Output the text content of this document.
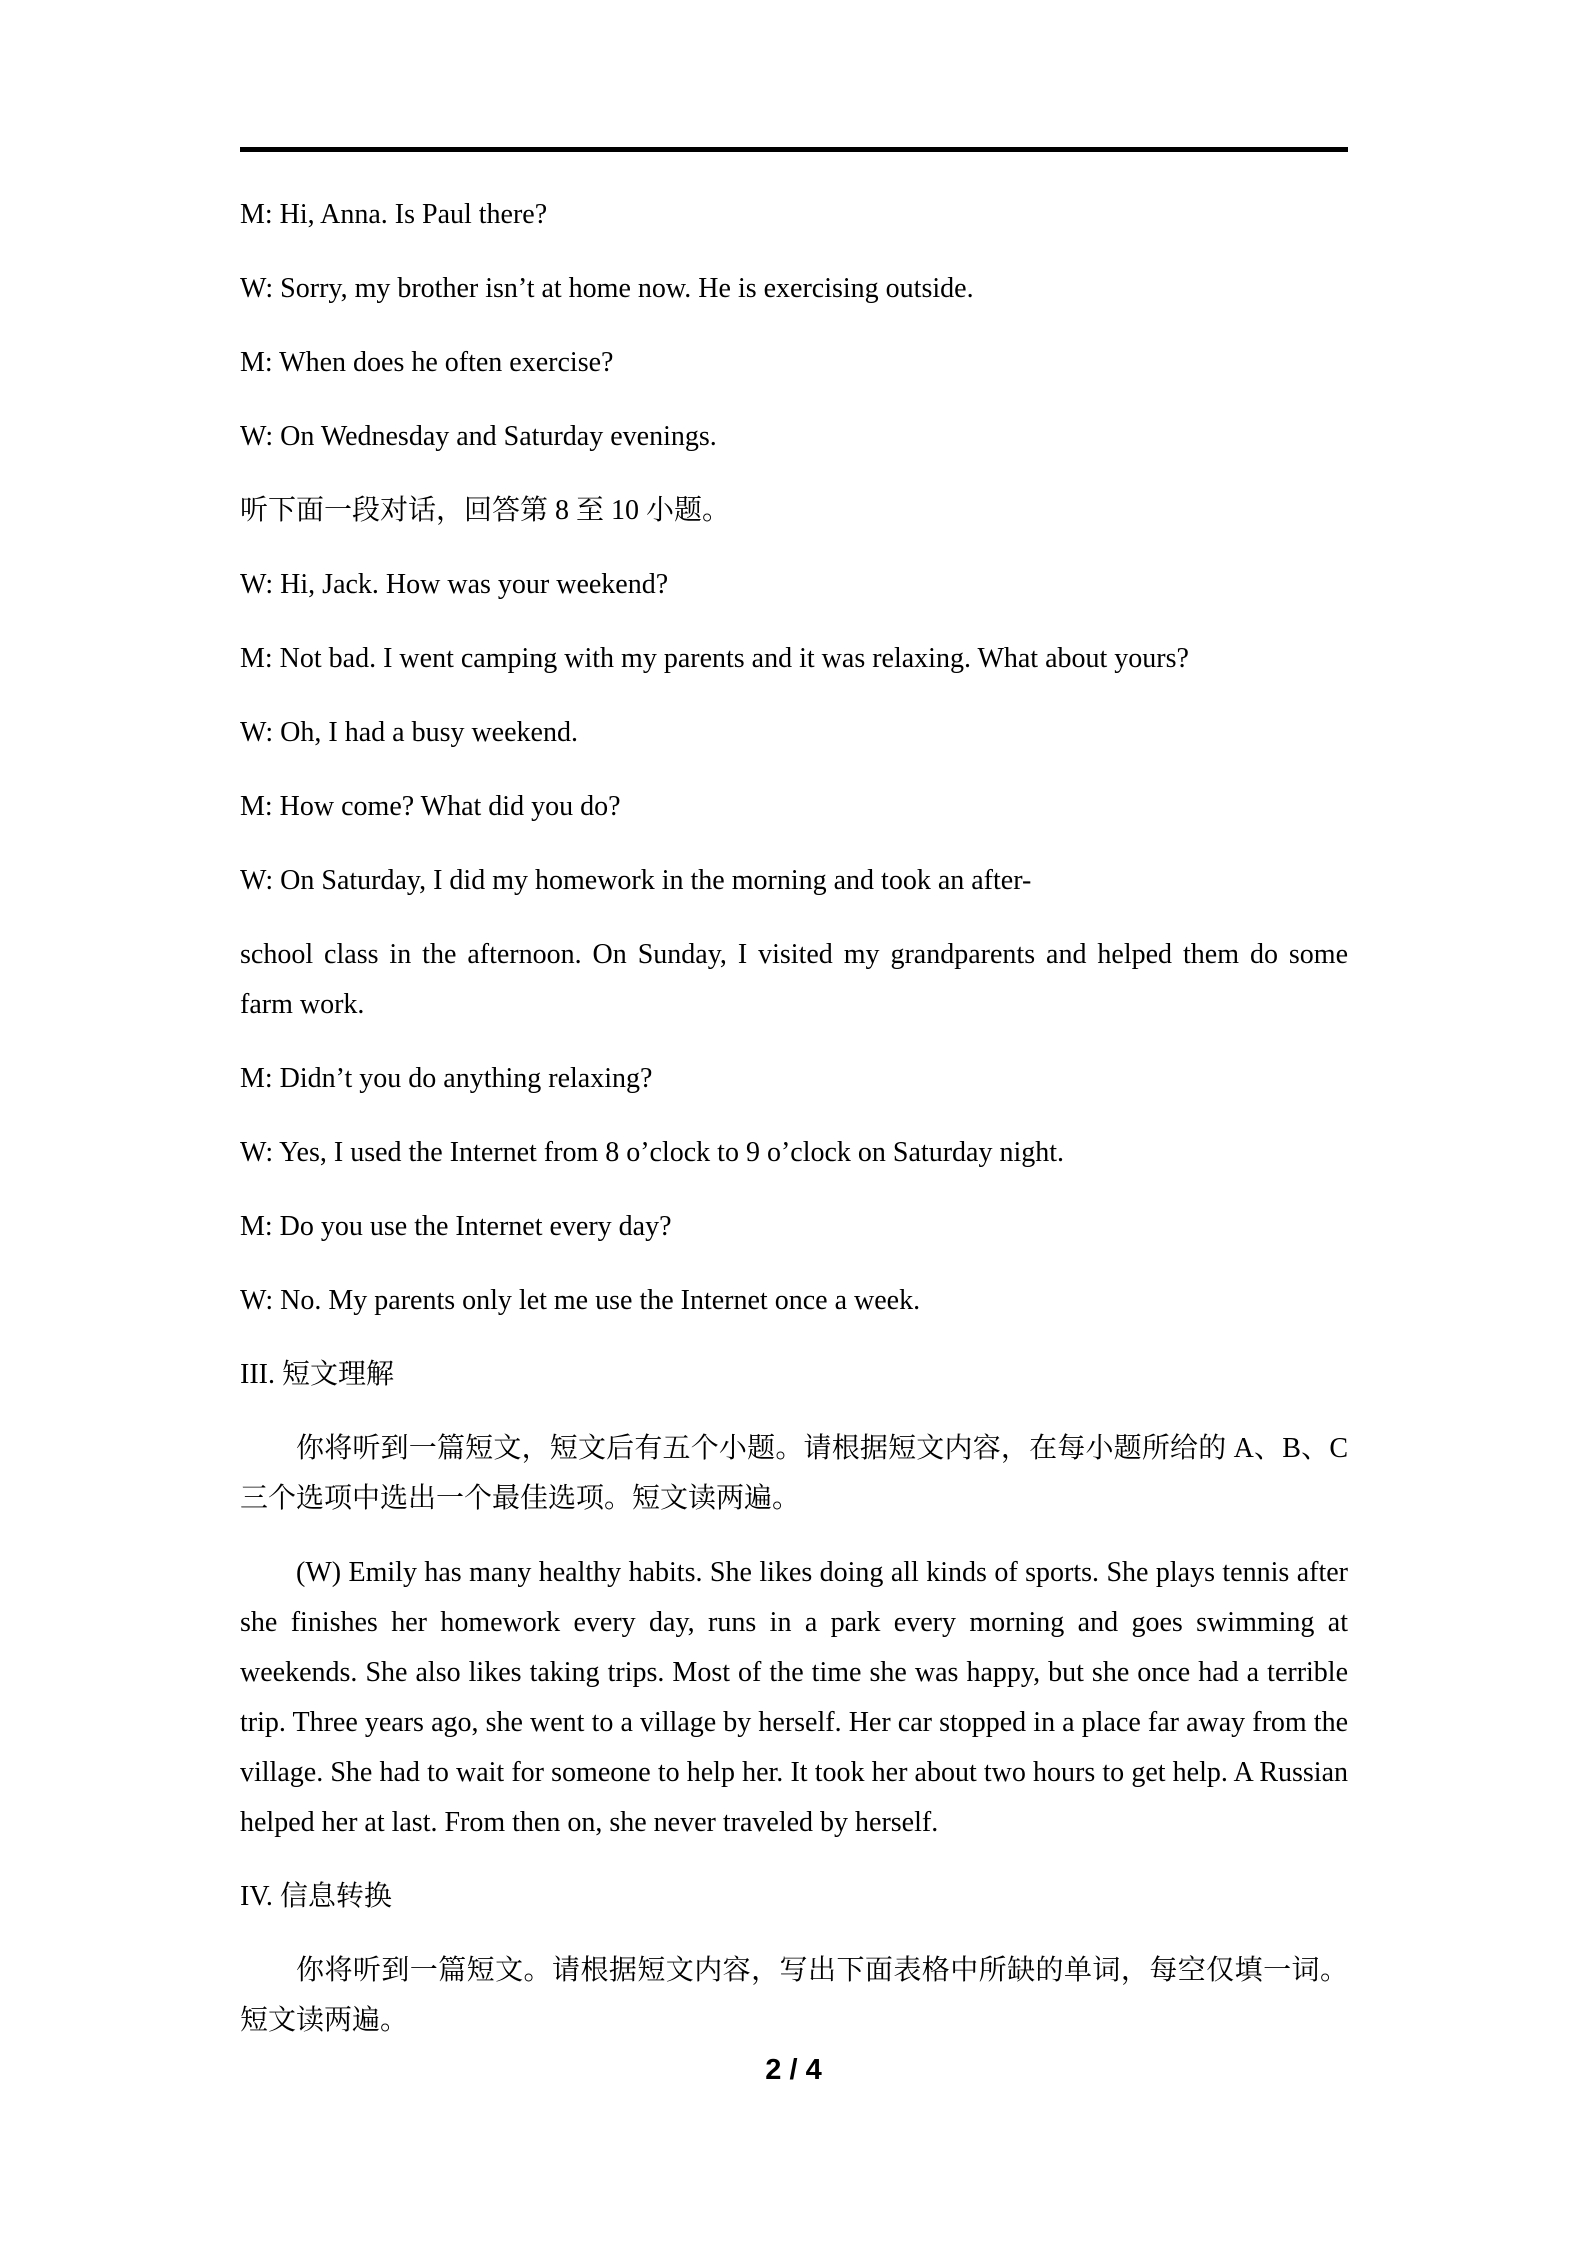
M: Hi, Anna. Is Paul there?

W: Sorry, my brother isn’t at home now. He is exercising outside.

M: When does he often exercise?

W: On Wednesday and Saturday evenings.

听下面一段对话，回答第 8 至 10 小题。

W: Hi, Jack. How was your weekend?

M: Not bad. I went camping with my parents and it was relaxing. What about yours?

W: Oh, I had a busy weekend.

M: How come? What did you do?

W: On Saturday, I did my homework in the morning and took an after-

school class in the afternoon. On Sunday, I visited my grandparents and helped them do some farm work.

M: Didn’t you do anything relaxing?

W: Yes, I used the Internet from 8 o’clock to 9 o’clock on Saturday night.

M: Do you use the Internet every day?

W: No. My parents only let me use the Internet once a week.

III. 短文理解

你将听到一篇短文，短文后有五个小题。请根据短文内容，在每小题所给的 A、B、C 三个选项中选出一个最佳选项。短文读两遍。

(W) Emily has many healthy habits. She likes doing all kinds of sports. She plays tennis after she finishes her homework every day, runs in a park every morning and goes swimming at weekends. She also likes taking trips. Most of the time she was happy, but she once had a terrible trip. Three years ago, she went to a village by herself. Her car stopped in a place far away from the village. She had to wait for someone to help her. It took her about two hours to get help. A Russian helped her at last. From then on, she never traveled by herself.

IV. 信息转换

你将听到一篇短文。请根据短文内容，写出下面表格中所缺的单词，每空仅填一词。短文读两遍。

2 / 4
